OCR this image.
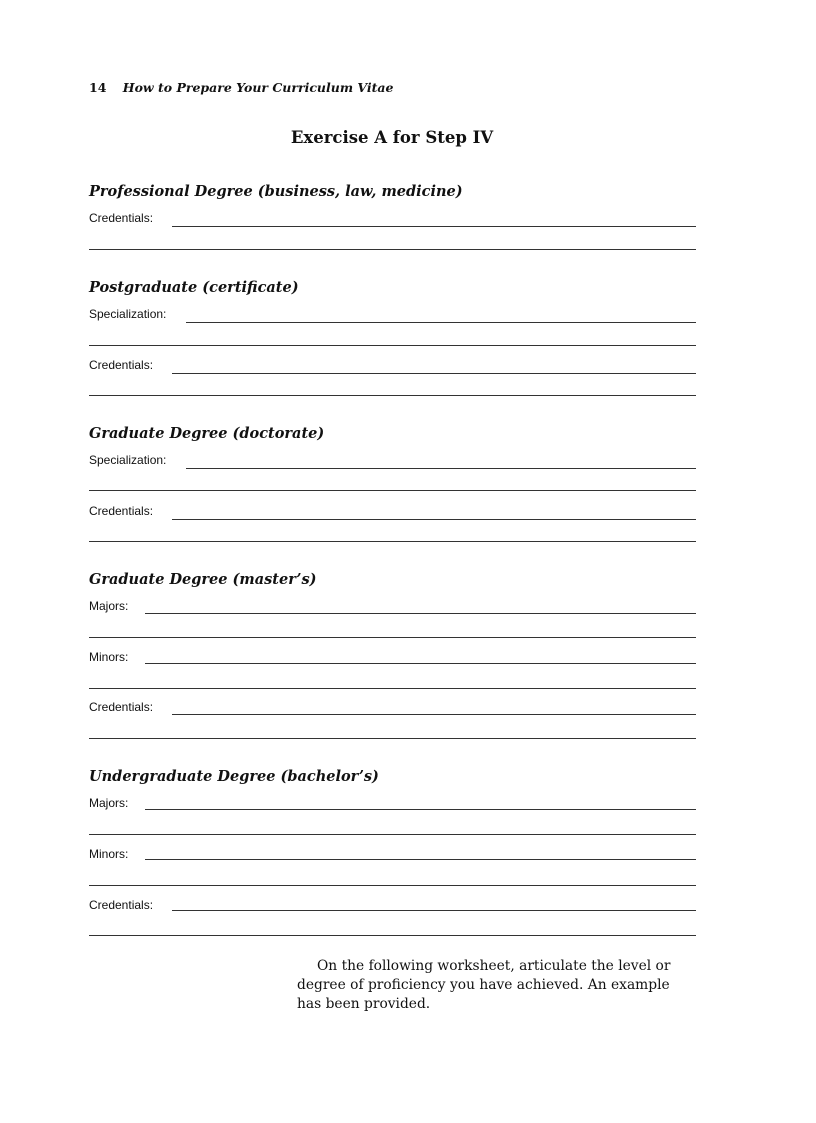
14 How to Prepare Your Curriculum Vitae
Exercise A for Step IV
Professional Degree (business, law, medicine)
Credentials:
Postgraduate (certificate)
Specialization:
Credentials:
Graduate Degree (doctorate)
Specialization:
Credentials:
Graduate Degree (master’s)
Majors:
Minors:
Credentials:
Undergraduate Degree (bachelor’s)
Majors:
Minors:
Credentials:
On the following worksheet, articulate the level or degree of proficiency you have achieved. An example has been provided.
